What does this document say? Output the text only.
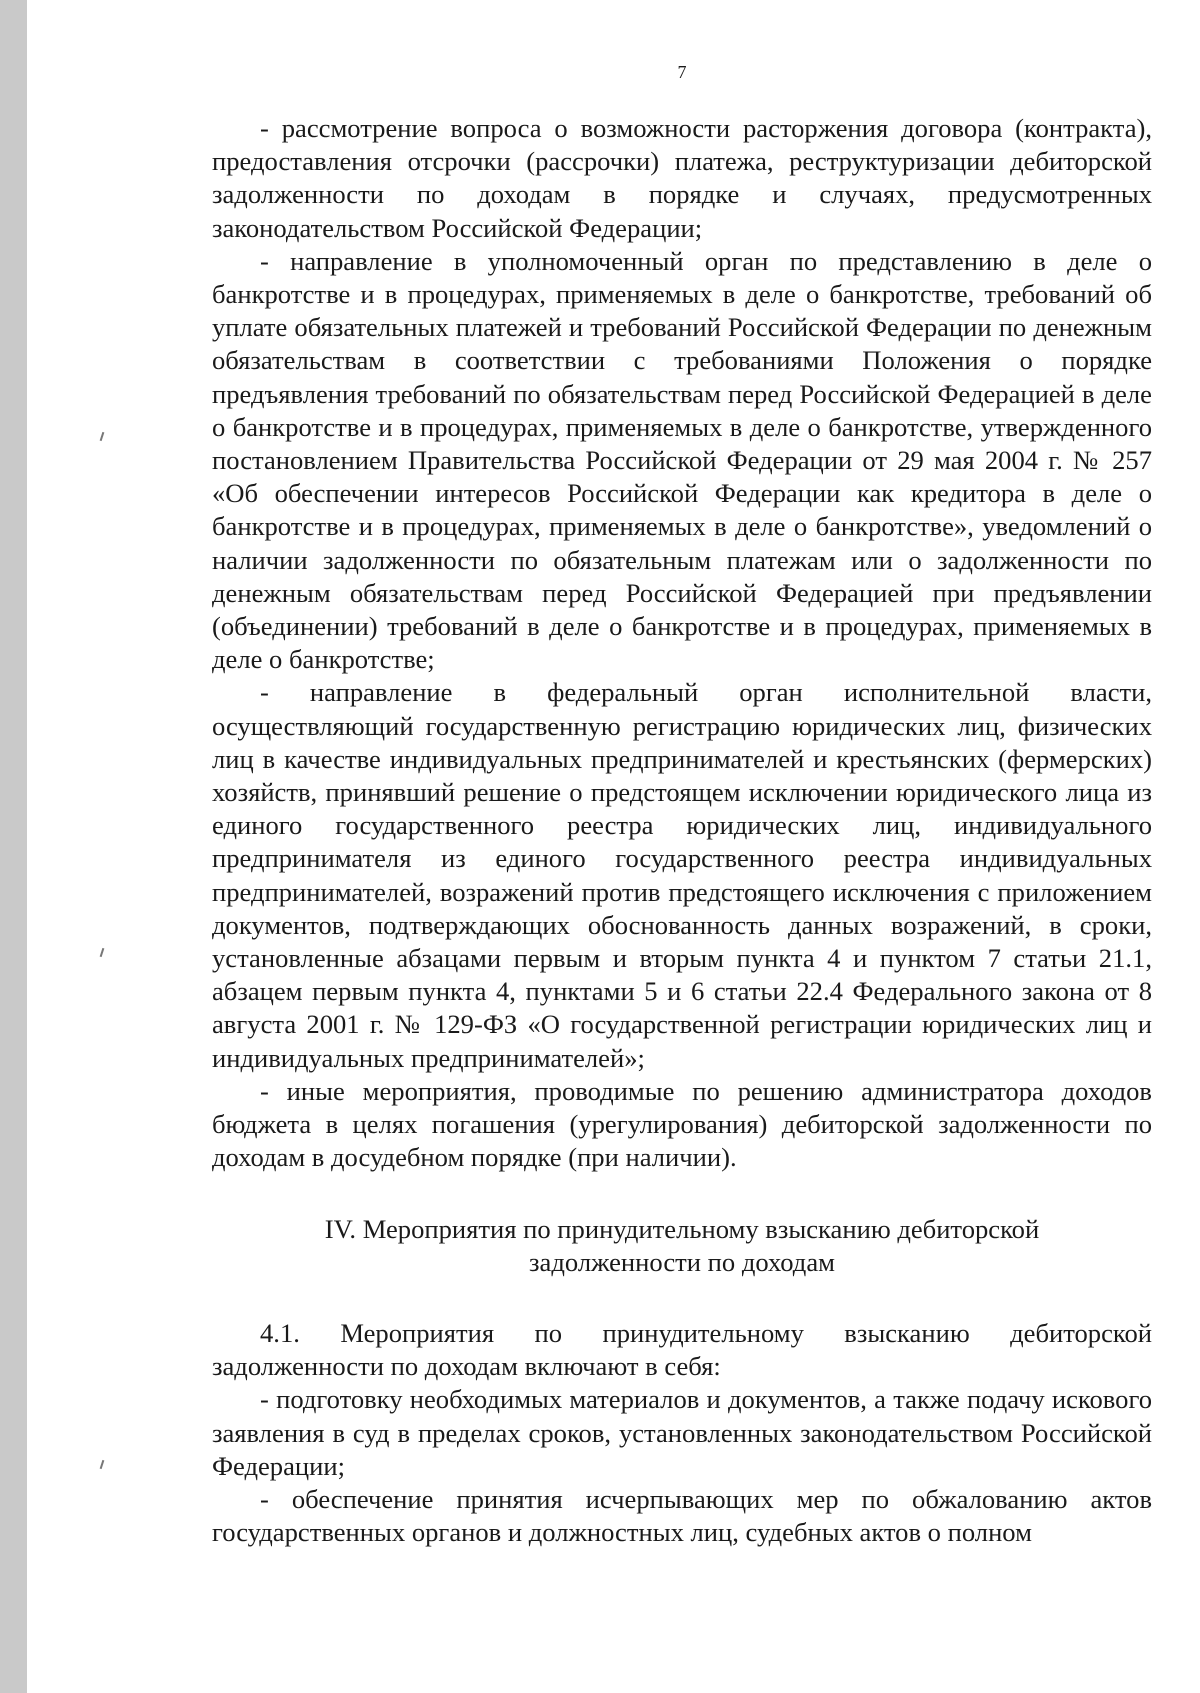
7

- рассмотрение вопроса о возможности расторжения договора (контракта), предоставления отсрочки (рассрочки) платежа, реструктуризации дебиторской задолженности по доходам в порядке и случаях, предусмотренных законодательством Российской Федерации;

- направление в уполномоченный орган по представлению в деле о банкротстве и в процедурах, применяемых в деле о банкротстве, требований об уплате обязательных платежей и требований Российской Федерации по денежным обязательствам в соответствии с требованиями Положения о порядке предъявления требований по обязательствам перед Российской Федерацией в деле о банкротстве и в процедурах, применяемых в деле о банкротстве, утвержденного постановлением Правительства Российской Федерации от 29 мая 2004 г. № 257 «Об обеспечении интересов Российской Федерации как кредитора в деле о банкротстве и в процедурах, применяемых в деле о банкротстве», уведомлений о наличии задолженности по обязательным платежам или о задолженности по денежным обязательствам перед Российской Федерацией при предъявлении (объединении) требований в деле о банкротстве и в процедурах, применяемых в деле о банкротстве;

- направление в федеральный орган исполнительной власти, осуществляющий государственную регистрацию юридических лиц, физических лиц в качестве индивидуальных предпринимателей и крестьянских (фермерских) хозяйств, принявший решение о предстоящем исключении юридического лица из единого государственного реестра юридических лиц, индивидуального предпринимателя из единого государственного реестра индивидуальных предпринимателей, возражений против предстоящего исключения с приложением документов, подтверждающих обоснованность данных возражений, в сроки, установленные абзацами первым и вторым пункта 4 и пунктом 7 статьи 21.1, абзацем первым пункта 4, пунктами 5 и 6 статьи 22.4 Федерального закона от 8 августа 2001 г. № 129-ФЗ «О государственной регистрации юридических лиц и индивидуальных предпринимателей»;

- иные мероприятия, проводимые по решению администратора доходов бюджета в целях погашения (урегулирования) дебиторской задолженности по доходам в досудебном порядке (при наличии).

IV. Мероприятия по принудительному взысканию дебиторской задолженности по доходам

4.1. Мероприятия по принудительному взысканию дебиторской задолженности по доходам включают в себя:

- подготовку необходимых материалов и документов, а также подачу искового заявления в суд в пределах сроков, установленных законодательством Российской Федерации;

- обеспечение принятия исчерпывающих мер по обжалованию актов государственных органов и должностных лиц, судебных актов о полном
